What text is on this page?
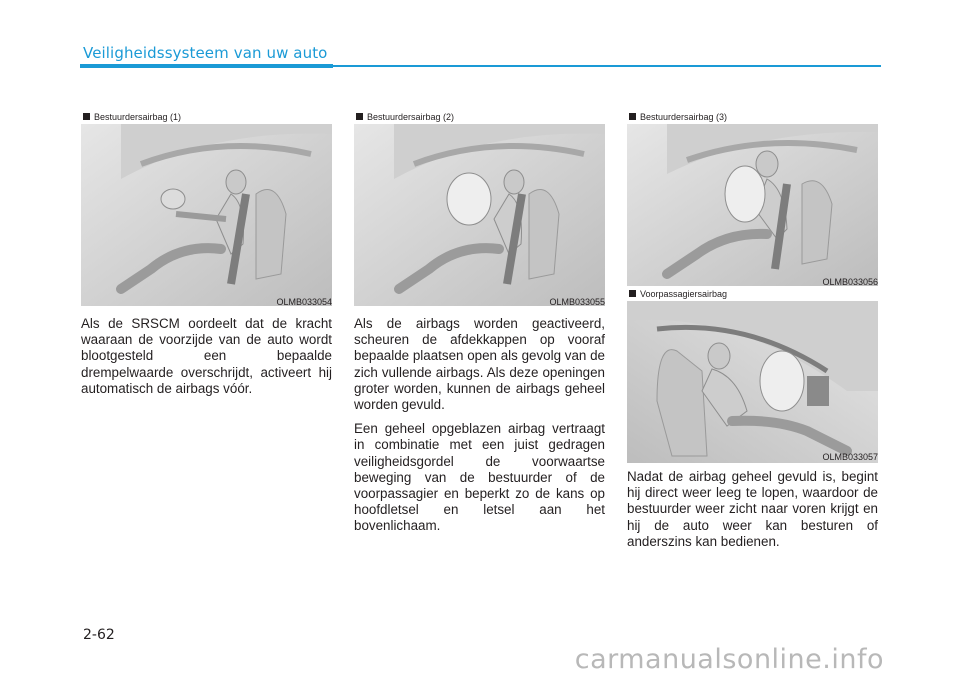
Veiligheidssysteem van uw auto
Bestuurdersairbag (1)
OLMB033054
Bestuurdersairbag (2)
OLMB033055
Bestuurdersairbag (3)
OLMB033056
Voorpassagiersairbag
OLMB033057

Als de SRSCM oordeelt dat de kracht waaraan de voorzijde van de auto wordt blootgesteld een bepaalde drempelwaarde overschrijdt, activeert hij automatisch de airbags vóór.

Als de airbags worden geactiveerd, scheuren de afdekkappen op vooraf bepaalde plaatsen open als gevolg van de zich vullende airbags. Als deze openingen groter worden, kunnen de airbags geheel worden gevuld.

Een geheel opgeblazen airbag vertraagt in combinatie met een juist gedragen veiligheidsgordel de voorwaartse beweging van de bestuurder of de voorpassagier en beperkt zo de kans op hoofdletsel en letsel aan het bovenlichaam.

Nadat de airbag geheel gevuld is, begint hij direct weer leeg te lopen, waardoor de bestuurder weer zicht naar voren krijgt en hij de auto weer kan besturen of anderszins kan bedienen.

2-62
carmanualsonline.info
